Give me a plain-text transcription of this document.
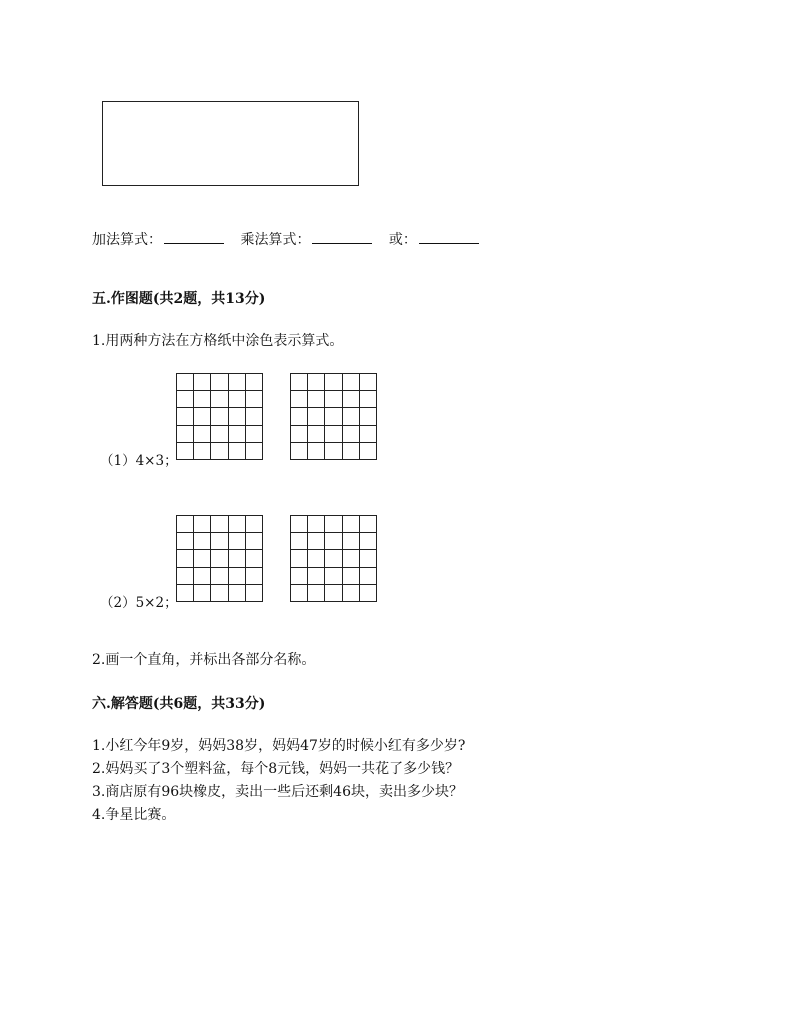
加法算式：	乘法算式：	或：
五.作图题(共2题，共13分)
1.用两种方法在方格纸中涂色表示算式。
（1）4×3；
（2）5×2；
2.画一个直角，并标出各部分名称。
六.解答题(共6题，共33分)
1.小红今年9岁，妈妈38岁，妈妈47岁的时候小红有多少岁?
2.妈妈买了3个塑料盆，每个8元钱，妈妈一共花了多少钱？
3.商店原有96块橡皮，卖出一些后还剩46块，卖出多少块？
4.争星比赛。
